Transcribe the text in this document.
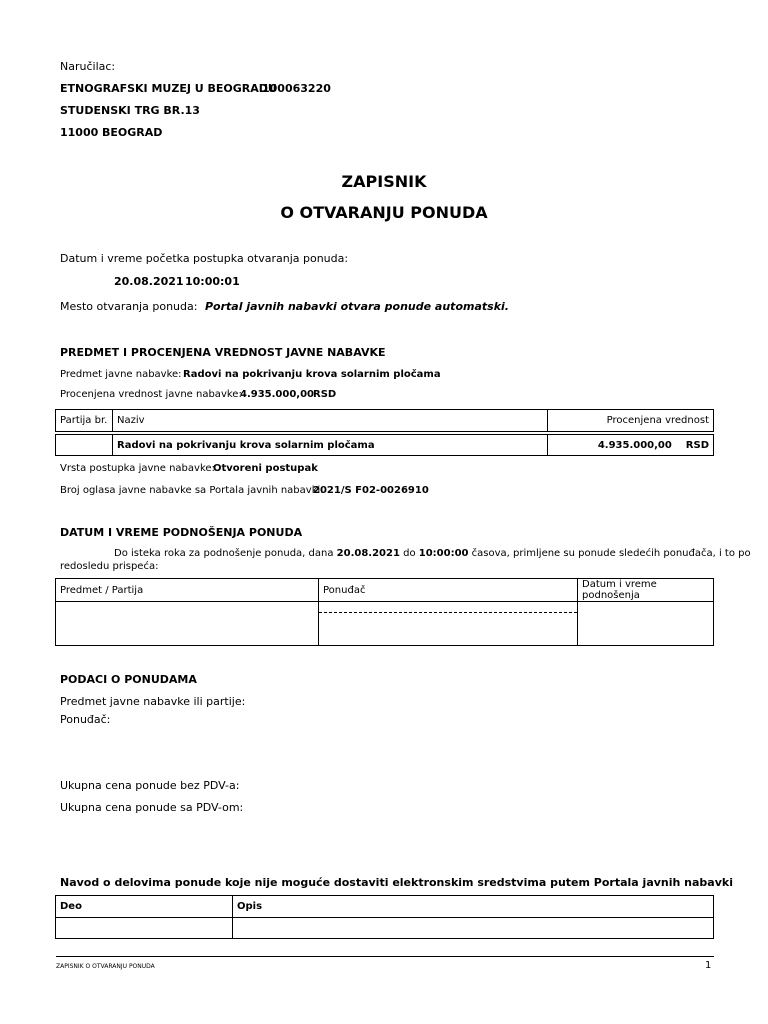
Naručilac:
ETNOGRAFSKI MUZEJ U BEOGRADU
100063220
STUDENSKI TRG BR.13
11000 BEOGRAD
ZAPISNIK
O OTVARANJU PONUDA
Datum i vreme početka postupka otvaranja ponuda:
20.08.2021 10:00:01
Mesto otvaranja ponuda: Portal javnih nabavki otvara ponude automatski.
PREDMET I PROCENJENA VREDNOST JAVNE NABAVKE
Predmet javne nabavke: Radovi na pokrivanju krova solarnim pločama
Procenjena vrednost javne nabavke:
4.935.000,00
RSD
Partija br.	Naziv	Procenjena vrednost
	Radovi na pokrivanju krova solarnim pločama	4.935.000,00 RSD
Vrsta postupka javne nabavke:
Otvoreni postupak
Broj oglasa javne nabavke sa Portala javnih nabavki:
2021/S F02-0026910
DATUM I VREME PODNOŠENJA PONUDA
Do isteka roka za podnošenje ponuda, dana 20.08.2021 do 10:00:00 časova, primljene su ponude sledećih ponuđača, i to po
redosledu prispeća:
Predmet / Partija	Ponuđač	Datum i vreme podnošenja

PODACI O PONUDAMA
Predmet javne nabavke ili partije:
Ponuđač:
Ukupna cena ponude bez PDV-a:
Ukupna cena ponude sa PDV-om:
Navod o delovima ponude koje nije moguće dostaviti elektronskim sredstvima putem Portala javnih nabavki
Deo	Opis

ZAPISNIK O OTVARANJU PONUDA	1
